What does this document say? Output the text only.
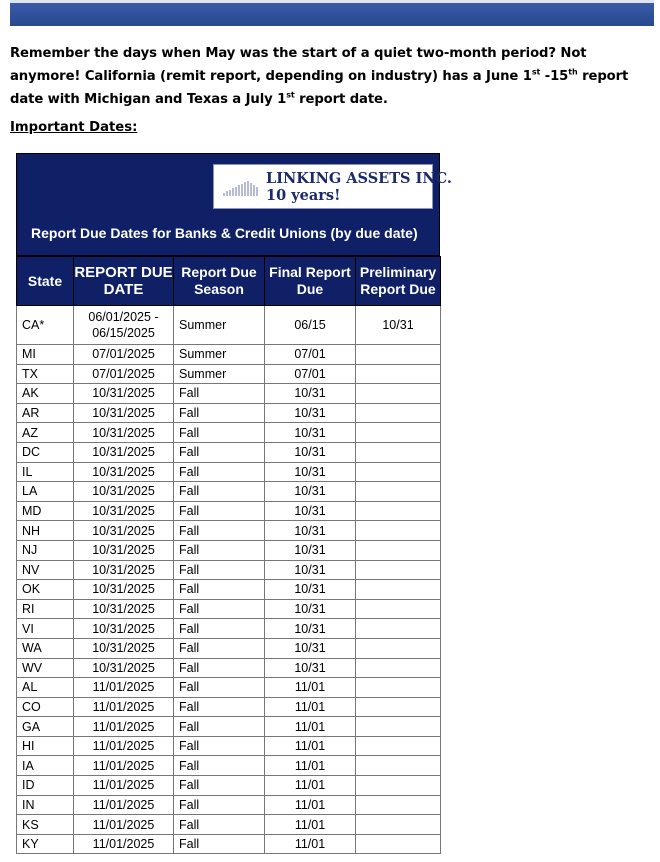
Remember the days when May was the start of a quiet two-month period? Not anymore! California (remit report, depending on industry) has a June 1st -15th report date with Michigan and Texas a July 1st report date.
Important Dates:
LINKING ASSETS INC.
10 years!
Report Due Dates for Banks & Credit Unions (by due date)
State	REPORT DUE DATE	Report Due Season	Final Report Due	Preliminary Report Due
CA*	06/01/2025 - 06/15/2025	Summer	06/15	10/31
MI	07/01/2025	Summer	07/01	
TX	07/01/2025	Summer	07/01	
AK	10/31/2025	Fall	10/31	
AR	10/31/2025	Fall	10/31	
AZ	10/31/2025	Fall	10/31	
DC	10/31/2025	Fall	10/31	
IL	10/31/2025	Fall	10/31	
LA	10/31/2025	Fall	10/31	
MD	10/31/2025	Fall	10/31	
NH	10/31/2025	Fall	10/31	
NJ	10/31/2025	Fall	10/31	
NV	10/31/2025	Fall	10/31	
OK	10/31/2025	Fall	10/31	
RI	10/31/2025	Fall	10/31	
VI	10/31/2025	Fall	10/31	
WA	10/31/2025	Fall	10/31	
WV	10/31/2025	Fall	10/31	
AL	11/01/2025	Fall	11/01	
CO	11/01/2025	Fall	11/01	
GA	11/01/2025	Fall	11/01	
HI	11/01/2025	Fall	11/01	
IA	11/01/2025	Fall	11/01	
ID	11/01/2025	Fall	11/01	
IN	11/01/2025	Fall	11/01	
KS	11/01/2025	Fall	11/01	
KY	11/01/2025	Fall	11/01	
